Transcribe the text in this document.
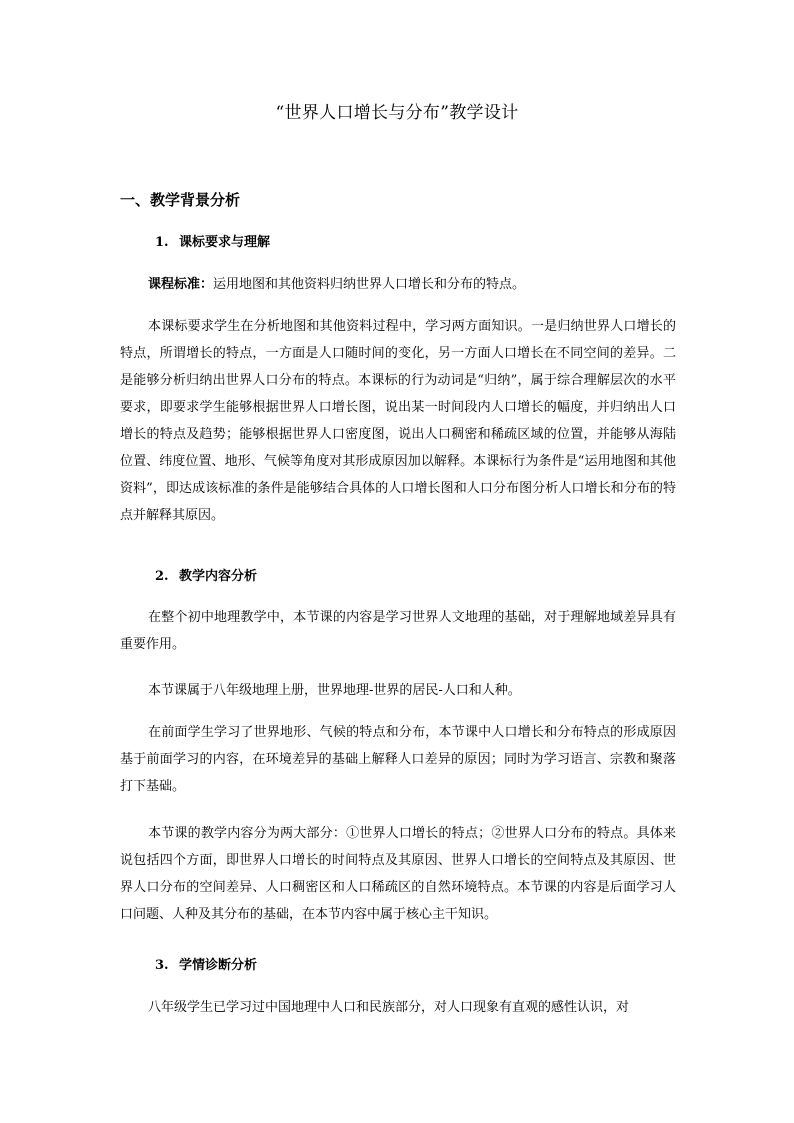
“世界人口增长与分布”教学设计
一、教学背景分析
1. 课标要求与理解
课程标准：运用地图和其他资料归纳世界人口增长和分布的特点。
本课标要求学生在分析地图和其他资料过程中，学习两方面知识。一是归纳世界人口增长的特点，所谓增长的特点，一方面是人口随时间的变化，另一方面人口增长在不同空间的差异。二是能够分析归纳出世界人口分布的特点。本课标的行为动词是“归纳”，属于综合理解层次的水平要求，即要求学生能够根据世界人口增长图，说出某一时间段内人口增长的幅度，并归纳出人口增长的特点及趋势；能够根据世界人口密度图，说出人口稠密和稀疏区域的位置，并能够从海陆位置、纬度位置、地形、气候等角度对其形成原因加以解释。本课标行为条件是“运用地图和其他资料”，即达成该标准的条件是能够结合具体的人口增长图和人口分布图分析人口增长和分布的特点并解释其原因。
2. 教学内容分析
在整个初中地理教学中，本节课的内容是学习世界人文地理的基础，对于理解地域差异具有重要作用。
本节课属于八年级地理上册，世界地理-世界的居民-人口和人种。
在前面学生学习了世界地形、气候的特点和分布，本节课中人口增长和分布特点的形成原因基于前面学习的内容，在环境差异的基础上解释人口差异的原因；同时为学习语言、宗教和聚落打下基础。
本节课的教学内容分为两大部分：①世界人口增长的特点；②世界人口分布的特点。具体来说包括四个方面，即世界人口增长的时间特点及其原因、世界人口增长的空间特点及其原因、世界人口分布的空间差异、人口稠密区和人口稀疏区的自然环境特点。本节课的内容是后面学习人口问题、人种及其分布的基础，在本节内容中属于核心主干知识。
3. 学情诊断分析
八年级学生已学习过中国地理中人口和民族部分，对人口现象有直观的感性认识，对
